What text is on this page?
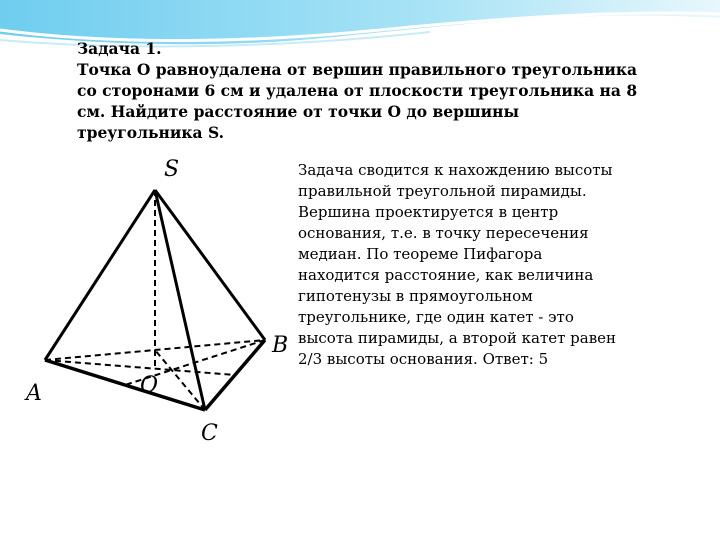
Задача 1.
Точка О равноудалена от вершин правильного треугольника
со сторонами 6 см и удалена от плоскости треугольника на 8
см. Найдите расстояние от точки О до вершины
треугольника S.
S
A
B
C
O
Задача сводится к нахождению высоты
правильной треугольной пирамиды.
Вершина проектируется в центр
основания, т.е. в точку пересечения
медиан. По теореме Пифагора
находится расстояние, как величина
гипотенузы в прямоугольном
треугольнике, где один катет - это
высота пирамиды, а второй катет равен
2/3 высоты основания. Ответ: 5
